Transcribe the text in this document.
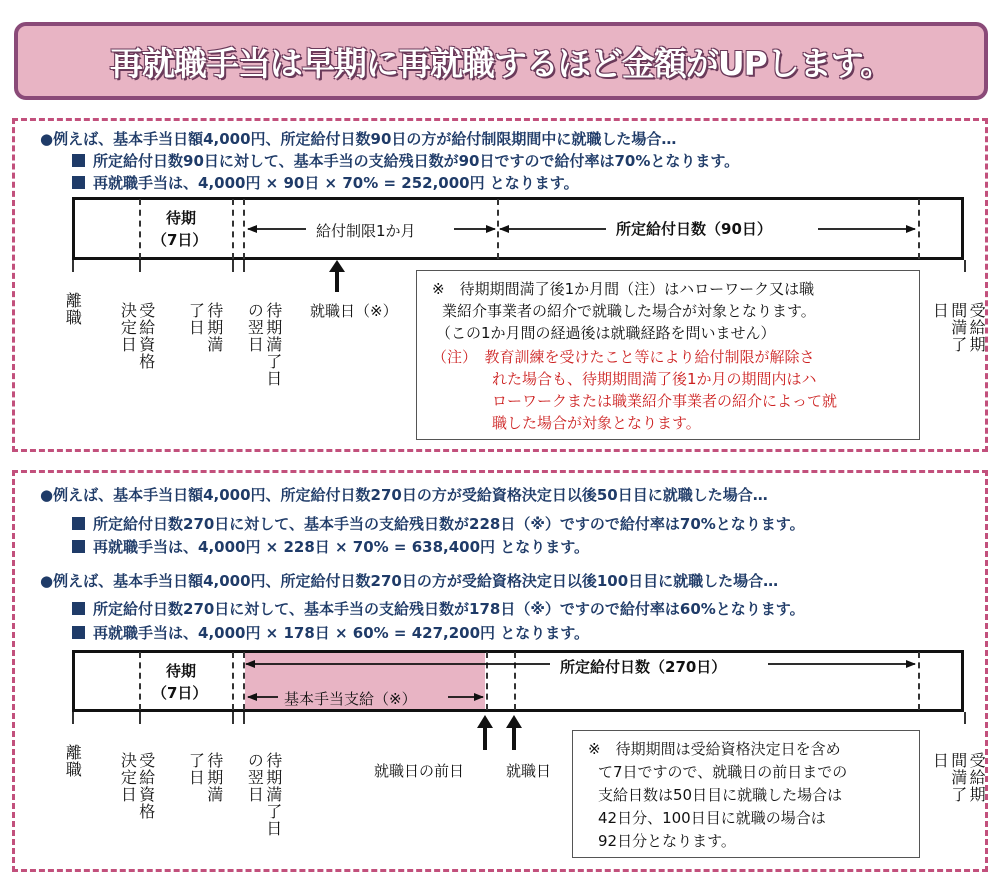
再就職手当は早期に再就職するほど金額がUPします。
●例えば、基本手当日額4,000円、所定給付日数90日の方が給付制限期間中に就職した場合…
所定給付日数90日に対して、基本手当の支給残日数が90日ですので給付率は70%となります。
再就職手当は、4,000円 × 90日 × 70% = 252,000円 となります。
待期
（7日）	給付制限1か月	所定給付日数（90日）
離職	受給資格決定日	待期満了日	待期満了日の翌日	受給期間満了日
就職日（※）
※　待期期間満了後1か月間（注）はハローワーク又は職
業紹介事業者の紹介で就職した場合が対象となります。
（この1か月間の経過後は就職経路を問いません）
（注）　教育訓練を受けたこと等により給付制限が解除さ
れた場合も、待期期間満了後1か月の期間内はハ
ローワークまたは職業紹介事業者の紹介によって就
職した場合が対象となります。
●例えば、基本手当日額4,000円、所定給付日数270日の方が受給資格決定日以後50日目に就職した場合…
所定給付日数270日に対して、基本手当の支給残日数が228日（※）ですので給付率は70%となります。
再就職手当は、4,000円 × 228日 × 70% = 638,400円 となります。
●例えば、基本手当日額4,000円、所定給付日数270日の方が受給資格決定日以後100日目に就職した場合…
所定給付日数270日に対して、基本手当の支給残日数が178日（※）ですので給付率は60%となります。
再就職手当は、4,000円 × 178日 × 60% = 427,200円 となります。
待期
（7日）
所定給付日数（270日）
基本手当支給（※）
離職	受給資格決定日	待期満了日	待期満了日の翌日	受給期間満了日
就職日の前日	就職日
※　待期期間は受給資格決定日を含め
て7日ですので、就職日の前日までの
支給日数は50日目に就職した場合は
42日分、100日目に就職の場合は
92日分となります。
